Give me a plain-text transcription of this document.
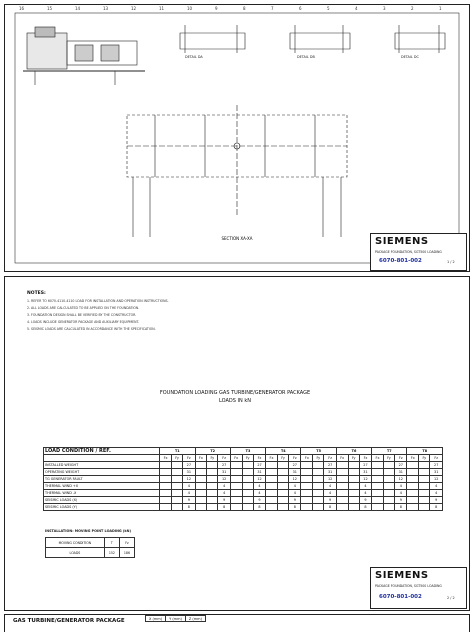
16	15	14	13	12	11	10	9	8	7	6	5	4	3	2	1
SECTION XA-XA
DETAIL DA	DETAIL DB	DETAIL DC
SIEMENS
PACKAGE FOUNDATION, SGT500 LOADING
6070-801-002	1 / 2
NOTES:
1. REFER TO 6070-4110-4110 LOAD FOR INSTALLATION AND OPERATION INSTRUCTIONS.
2. ALL LOADS ARE CALCULATED TO BE APPLIED ON THE FOUNDATION.
3. FOUNDATION DESIGN SHALL BE VERIFIED BY THE CONSTRUCTOR.
4. LOADS INCLUDE GENERATOR PACKAGE AND AUXILIARY EQUIPMENT.
5. SEISMIC LOADS ARE CALCULATED IN ACCORDANCE WITH THE SPECIFICATION.
FOUNDATION LOADING GAS TURBINE/GENERATOR PACKAGE
LOADS IN kN
LOAD CONDITION / REF.	T1			T2			T3			T4			T5			T6			T7			T8		
	Fx	Fy	Fz	Fx	Fy	Fz	Fx	Fy	Fz	Fx	Fy	Fz	Fx	Fy	Fz	Fx	Fy	Fz	Fx	Fy	Fz	Fx	Fy	Fz
INSTALLED WEIGHT			27			27			27			27			27			27			27			27
OPERATING WEIGHT			31			31			31			31			31			31			31			31
TG GENERATOR FAULT			12			12			12			12			12			12			12			12
THERMAL WIND +X			4			4			4			4			4			4			4			4
THERMAL WIND -X			4			4			4			4			4			4			4			4
SEISMIC LOADS (X)			9			9			9			9			9			9			9			9
SEISMIC LOADS (Y)			8			8			8			8			8			8			8			8
INSTALLATION: MOVING POINT LOADING (kN)
MOVING CONDITION	T	Fz
LOADS	152	186
SIEMENS
PACKAGE FOUNDATION, SGT500 LOADING
6070-801-002	2 / 2
GAS TURBINE/GENERATOR PACKAGE	X (mm)	Y (mm)	Z (mm)
